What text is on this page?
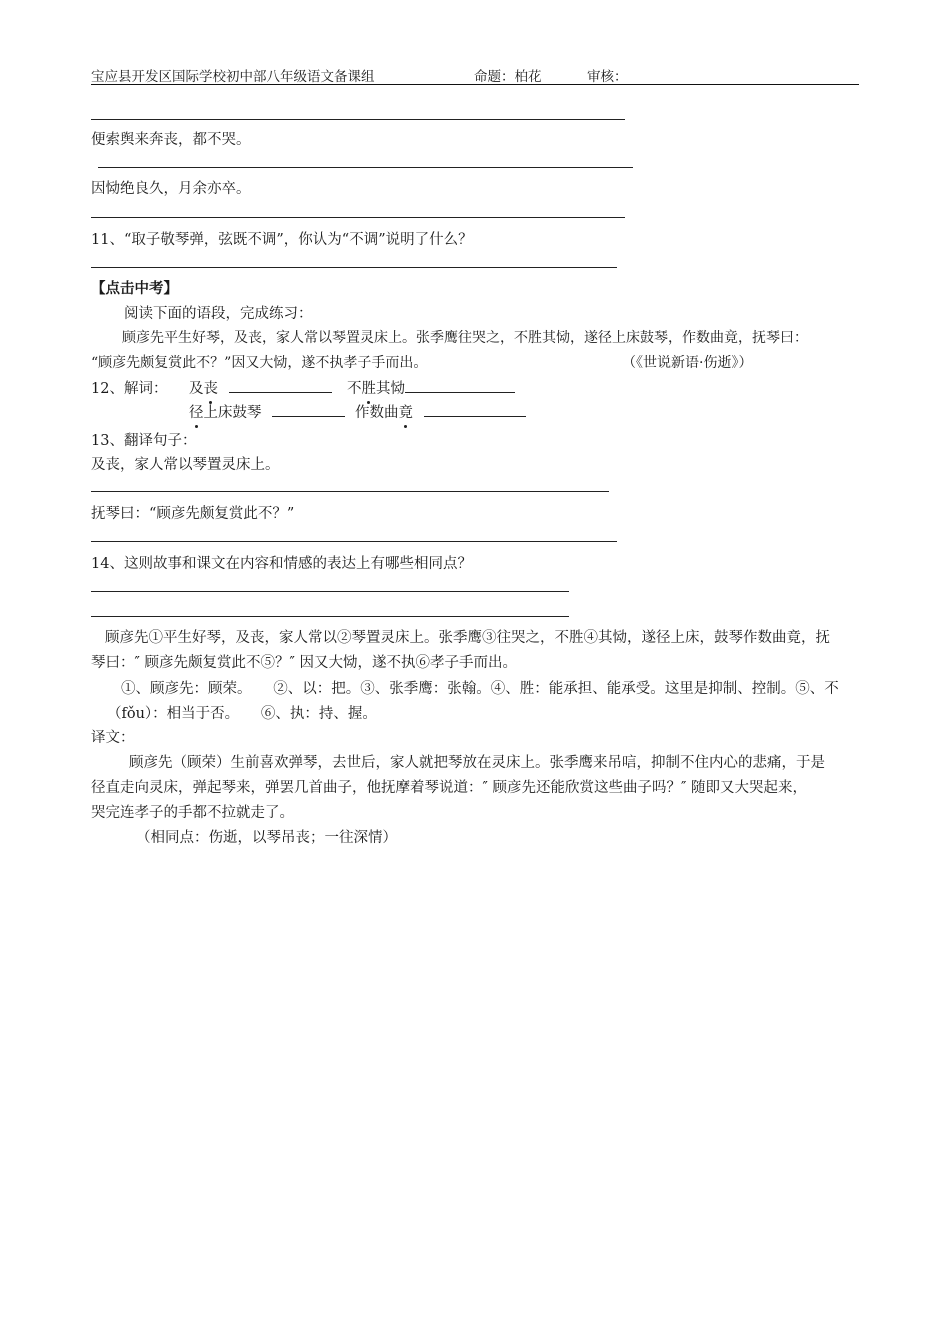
宝应县开发区国际学校初中部八年级语文备课组	命题：柏花	审核：
便索舆来奔丧，都不哭。
因恸绝良久，月余亦卒。
11、“取子敬琴弹，弦既不调”，你认为“不调”说明了什么？
【点击中考】
阅读下面的语段，完成练习：
顾彦先平生好琴，及丧，家人常以琴置灵床上。张季鹰往哭之，不胜其恸，遂径上床鼓琴，作数曲竟，抚琴曰：
“顾彦先颇复赏此不？”因又大恸，遂不执孝子手而出。	（《世说新语·伤逝》）
12、解词： 及丧	不胜其恸
径上床鼓琴	作数曲竟
13、翻译句子：
及丧，家人常以琴置灵床上。
抚琴曰：“顾彦先颇复赏此不？”
14、这则故事和课文在内容和情感的表达上有哪些相同点？
顾彦先①平生好琴，及丧，家人常以②琴置灵床上。张季鹰③往哭之，不胜④其恸，遂径上床，鼓琴作数曲竟，抚
琴曰：″ 顾彦先颇复赏此不⑤？″ 因又大恸，遂不执⑥孝子手而出。
①、顾彦先：顾荣。　　②、以：把。③、张季鹰：张翰。④、胜：能承担、能承受。这里是抑制、控制。⑤、不
（fǒu）：相当于否。　　⑥、执：持、握。
译文：
顾彦先（顾荣）生前喜欢弹琴，去世后，家人就把琴放在灵床上。张季鹰来吊唁，抑制不住内心的悲痛，于是
径直走向灵床，弹起琴来，弹罢几首曲子，他抚摩着琴说道：″ 顾彦先还能欣赏这些曲子吗？″ 随即又大哭起来，
哭完连孝子的手都不拉就走了。
（相同点：伤逝，以琴吊丧；一往深情）
